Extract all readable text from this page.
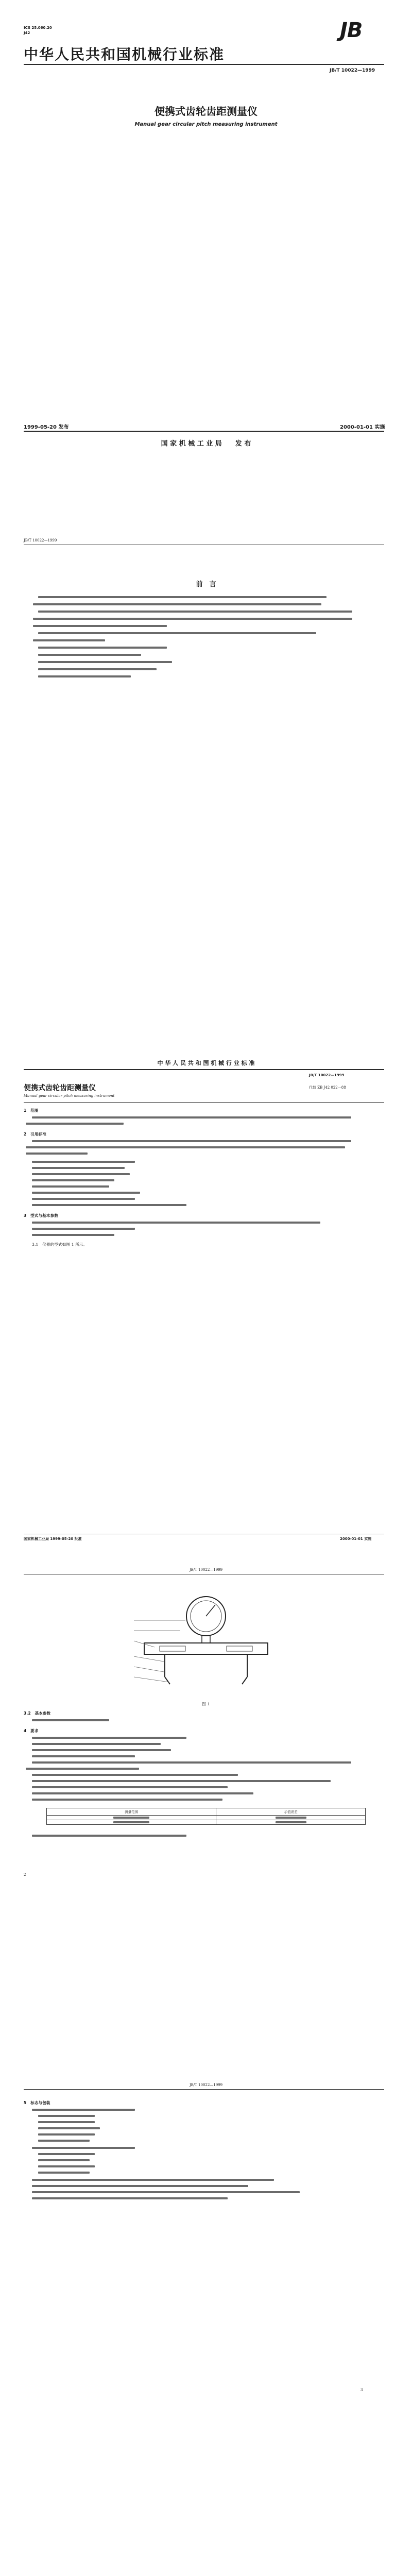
ICS 25.060.20
J42	JB
中华人民共和国机械行业标准
JB/T 10022—1999
便携式齿轮齿距测量仪
Manual gear circular pitch measuring instrument
1999-05-20 发布	2000-01-01 实施
国 家 机 械 工 业 局　　发 布
JB/T 10022—1999
前　言
中 华 人 民 共 和 国 机 械 行 业 标 准
JB/T 10022—1999
便携式齿轮齿距测量仪	代替 ZB J42 022—88
Manual gear circular pitch measuring instrument
1　范围
2　引用标准
3　型式与基本参数
3.1　仪器的型式如图 1 所示。
国家机械工业局 1999-05-20 批准	2000-01-01 实施
JB/T 10022—1999
图 1
3.2　基本参数
4　要求
测量范围	示值误差

2
JB/T 10022—1999
5　标志与包装
3
